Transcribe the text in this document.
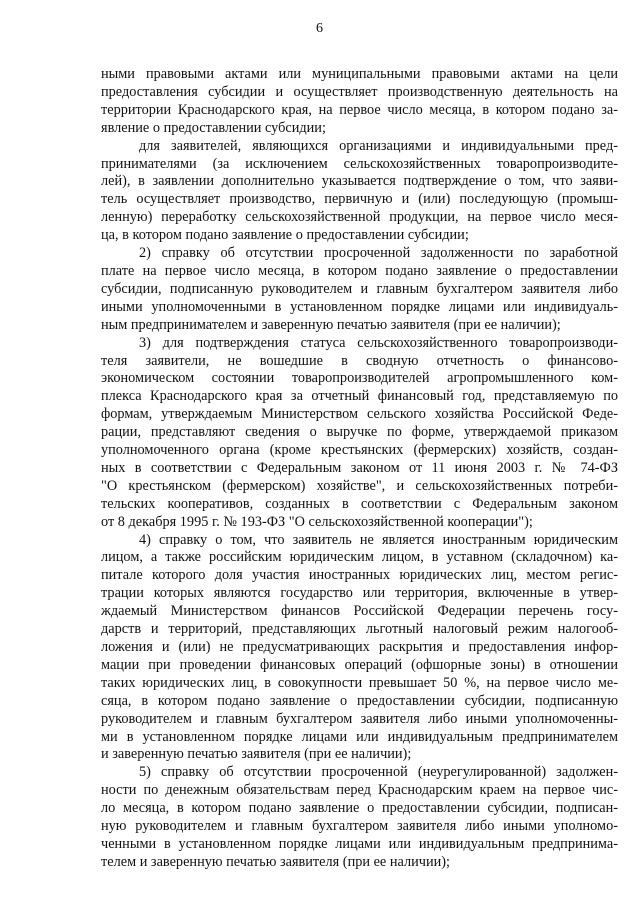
6
ными правовыми актами или муниципальными правовыми актами на цели
предоставления субсидии и осуществляет производственную деятельность на
территории Краснодарского края, на первое число месяца, в котором подано за-
явление о предоставлении субсидии;
для заявителей, являющихся организациями и индивидуальными пред-
принимателями (за исключением сельскохозяйственных товаропроизводите-
лей), в заявлении дополнительно указывается подтверждение о том, что заяви-
тель осуществляет производство, первичную и (или) последующую (промыш-
ленную) переработку сельскохозяйственной продукции, на первое число меся-
ца, в котором подано заявление о предоставлении субсидии;
2) справку об отсутствии просроченной задолженности по заработной
плате на первое число месяца, в котором подано заявление о предоставлении
субсидии, подписанную руководителем и главным бухгалтером заявителя либо
иными уполномоченными в установленном порядке лицами или индивидуаль-
ным предпринимателем и заверенную печатью заявителя (при ее наличии);
3) для подтверждения статуса сельскохозяйственного товаропроизводи-
теля заявители, не вошедшие в сводную отчетность о финансово-
экономическом состоянии товаропроизводителей агропромышленного ком-
плекса Краснодарского края за отчетный финансовый год, представляемую по
формам, утверждаемым Министерством сельского хозяйства Российской Феде-
рации, представляют сведения о выручке по форме, утверждаемой приказом
уполномоченного органа (кроме крестьянских (фермерских) хозяйств, создан-
ных в соответствии с Федеральным законом от 11 июня 2003 г. № 74-ФЗ
"О крестьянском (фермерском) хозяйстве", и сельскохозяйственных потреби-
тельских кооперативов, созданных в соответствии с Федеральным законом
от 8 декабря 1995 г. № 193-ФЗ "О сельскохозяйственной кооперации");
4) справку о том, что заявитель не является иностранным юридическим
лицом, а также российским юридическим лицом, в уставном (складочном) ка-
питале которого доля участия иностранных юридических лиц, местом регис-
трации которых являются государство или территория, включенные в утвер-
ждаемый Министерством финансов Российской Федерации перечень госу-
дарств и территорий, представляющих льготный налоговый режим налогооб-
ложения и (или) не предусматривающих раскрытия и предоставления инфор-
мации при проведении финансовых операций (офшорные зоны) в отношении
таких юридических лиц, в совокупности превышает 50 %, на первое число ме-
сяца, в котором подано заявление о предоставлении субсидии, подписанную
руководителем и главным бухгалтером заявителя либо иными уполномоченны-
ми в установленном порядке лицами или индивидуальным предпринимателем
и заверенную печатью заявителя (при ее наличии);
5) справку об отсутствии просроченной (неурегулированной) задолжен-
ности по денежным обязательствам перед Краснодарским краем на первое чис-
ло месяца, в котором подано заявление о предоставлении субсидии, подписан-
ную руководителем и главным бухгалтером заявителя либо иными уполномо-
ченными в установленном порядке лицами или индивидуальным предпринима-
телем и заверенную печатью заявителя (при ее наличии);
